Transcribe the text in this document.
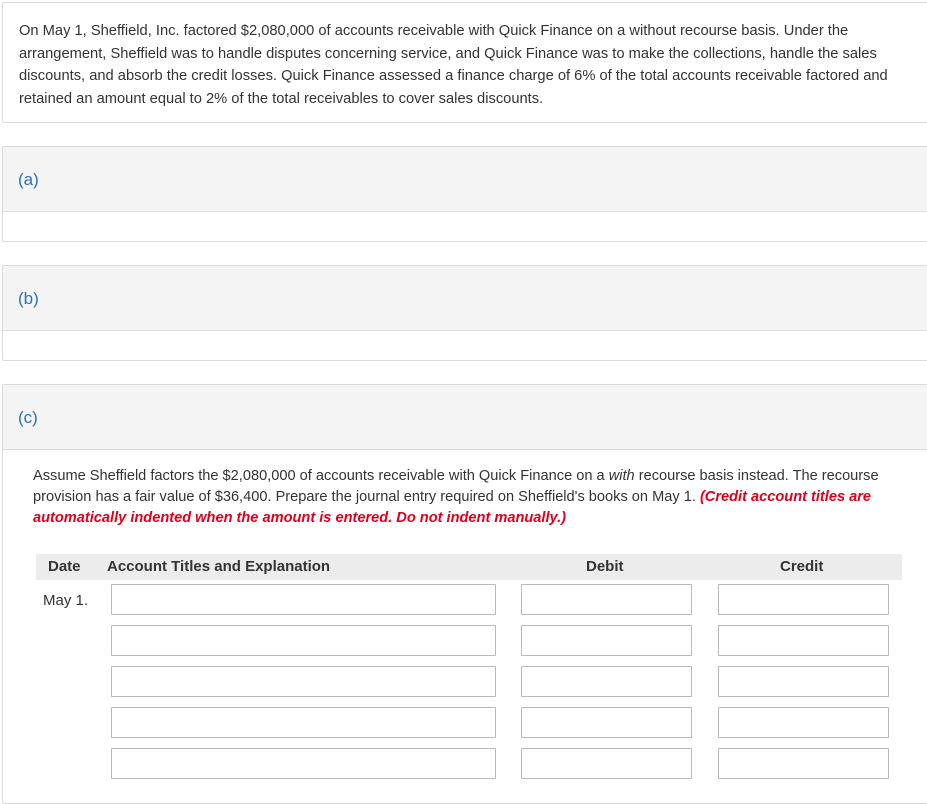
On May 1, Sheffield, Inc. factored $2,080,000 of accounts receivable with Quick Finance on a without recourse basis. Under the arrangement, Sheffield was to handle disputes concerning service, and Quick Finance was to make the collections, handle the sales discounts, and absorb the credit losses. Quick Finance assessed a finance charge of 6% of the total accounts receivable factored and retained an amount equal to 2% of the total receivables to cover sales discounts.

(a)
(b)
(c)

Assume Sheffield factors the $2,080,000 of accounts receivable with Quick Finance on a with recourse basis instead. The recourse provision has a fair value of $36,400. Prepare the journal entry required on Sheffield's books on May 1. (Credit account titles are automatically indented when the amount is entered. Do not indent manually.)

Date Account Titles and Explanation	Debit	Credit
May 1.
